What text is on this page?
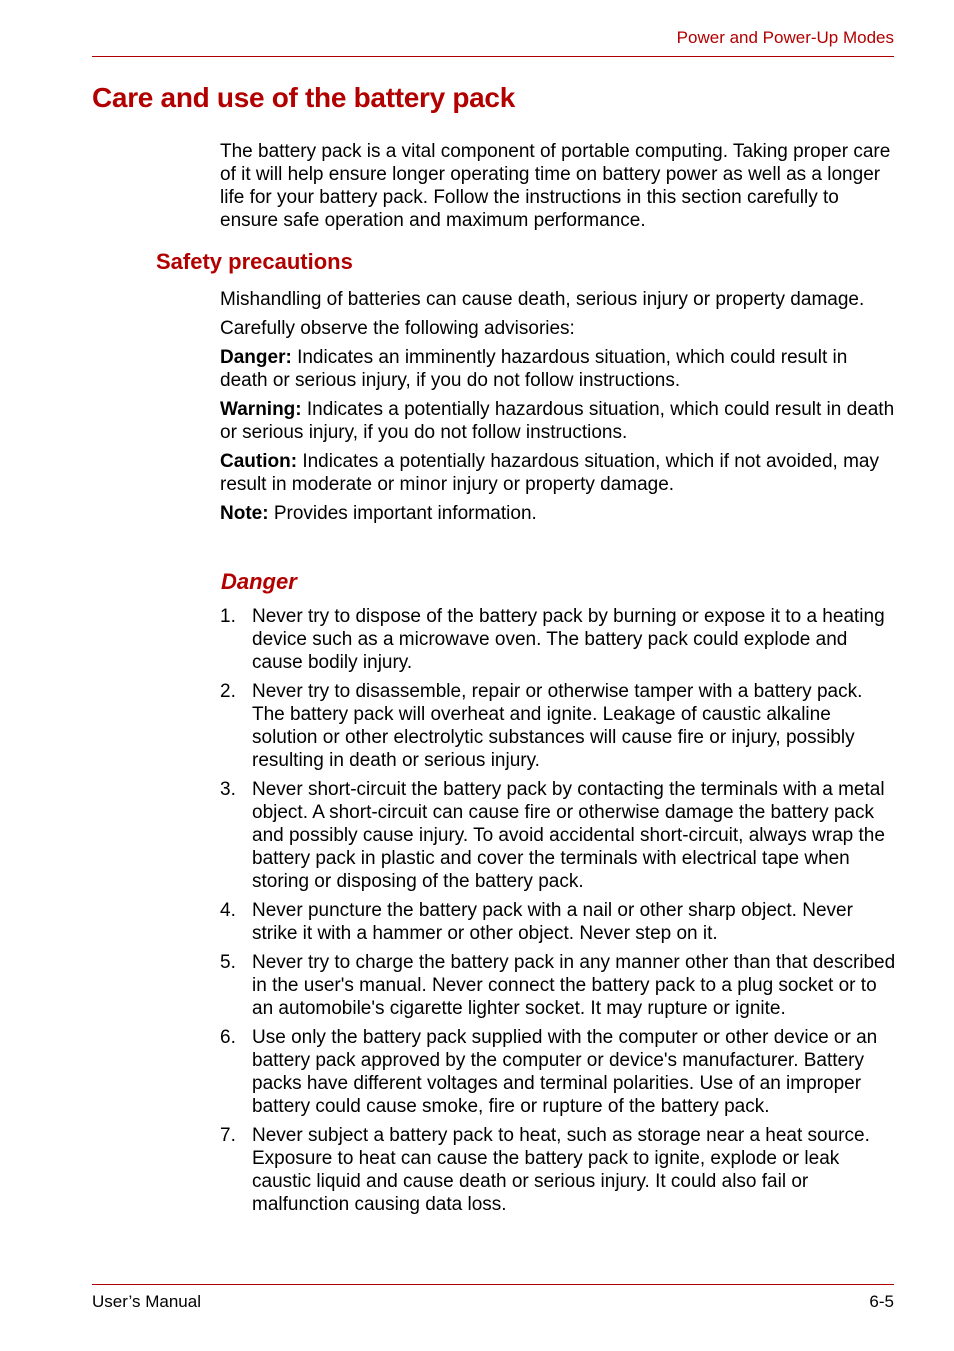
Power and Power-Up Modes
Care and use of the battery pack

The battery pack is a vital component of portable computing. Taking proper care of it will help ensure longer operating time on battery power as well as a longer life for your battery pack. Follow the instructions in this section carefully to ensure safe operation and maximum performance.

Safety precautions

Mishandling of batteries can cause death, serious injury or property damage.

Carefully observe the following advisories:

Danger: Indicates an imminently hazardous situation, which could result in death or serious injury, if you do not follow instructions.

Warning: Indicates a potentially hazardous situation, which could result in death or serious injury, if you do not follow instructions.

Caution: Indicates a potentially hazardous situation, which if not avoided, may result in moderate or minor injury or property damage.

Note: Provides important information.

Danger
1. Never try to dispose of the battery pack by burning or expose it to a heating device such as a microwave oven. The battery pack could explode and cause bodily injury.
2. Never try to disassemble, repair or otherwise tamper with a battery pack. The battery pack will overheat and ignite. Leakage of caustic alkaline solution or other electrolytic substances will cause fire or injury, possibly resulting in death or serious injury.
3. Never short-circuit the battery pack by contacting the terminals with a metal object. A short-circuit can cause fire or otherwise damage the battery pack and possibly cause injury. To avoid accidental short-circuit, always wrap the battery pack in plastic and cover the terminals with electrical tape when storing or disposing of the battery pack.
4. Never puncture the battery pack with a nail or other sharp object. Never strike it with a hammer or other object. Never step on it.
5. Never try to charge the battery pack in any manner other than that described in the user's manual. Never connect the battery pack to a plug socket or to an automobile's cigarette lighter socket. It may rupture or ignite.
6. Use only the battery pack supplied with the computer or other device or an battery pack approved by the computer or device's manufacturer. Battery packs have different voltages and terminal polarities. Use of an improper battery could cause smoke, fire or rupture of the battery pack.
7. Never subject a battery pack to heat, such as storage near a heat source. Exposure to heat can cause the battery pack to ignite, explode or leak caustic liquid and cause death or serious injury. It could also fail or malfunction causing data loss.
User’s Manual	6-5
